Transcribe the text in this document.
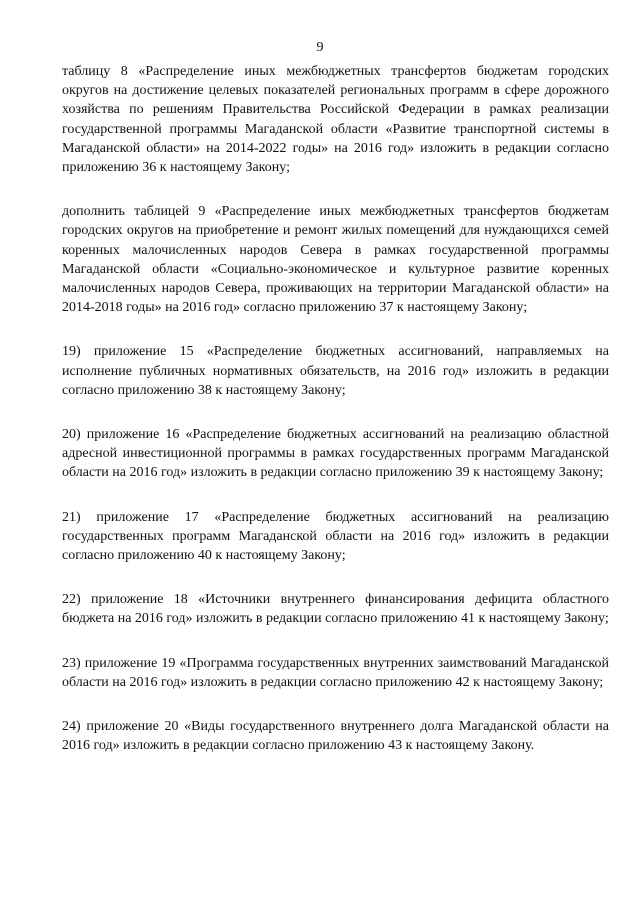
9

таблицу 8 «Распределение иных межбюджетных трансфертов бюджетам городских округов на достижение целевых показателей региональных программ в сфере дорожного хозяйства по решениям Правительства Российской Федерации в рамках реализации государственной программы Магаданской области «Развитие транспортной системы в Магаданской области» на 2014-2022 годы» на 2016 год» изложить в редакции согласно приложению 36 к настоящему Закону;

дополнить таблицей 9 «Распределение иных межбюджетных трансфертов бюджетам городских округов на приобретение и ремонт жилых помещений для нуждающихся семей коренных малочисленных народов Севера в рамках государственной программы Магаданской области «Социально-экономическое и культурное развитие коренных малочисленных народов Севера, проживающих на территории Магаданской области» на 2014-2018 годы» на 2016 год» согласно приложению 37 к настоящему Закону;

19) приложение 15 «Распределение бюджетных ассигнований, направляемых на исполнение публичных нормативных обязательств, на 2016 год» изложить в редакции согласно приложению 38 к настоящему Закону;

20) приложение 16 «Распределение бюджетных ассигнований на реализацию областной адресной инвестиционной программы в рамках государственных программ Магаданской области на 2016 год» изложить в редакции согласно приложению 39 к настоящему Закону;

21) приложение 17 «Распределение бюджетных ассигнований на реализацию государственных программ Магаданской области на 2016 год» изложить в редакции согласно приложению 40 к настоящему Закону;

22) приложение 18 «Источники внутреннего финансирования дефицита областного бюджета на 2016 год» изложить в редакции согласно приложению 41 к настоящему Закону;

23) приложение 19 «Программа государственных внутренних заимствований Магаданской области на 2016 год» изложить в редакции согласно приложению 42 к настоящему Закону;

24) приложение 20 «Виды государственного внутреннего долга Магаданской области на 2016 год» изложить в редакции согласно приложению 43 к настоящему Закону.
